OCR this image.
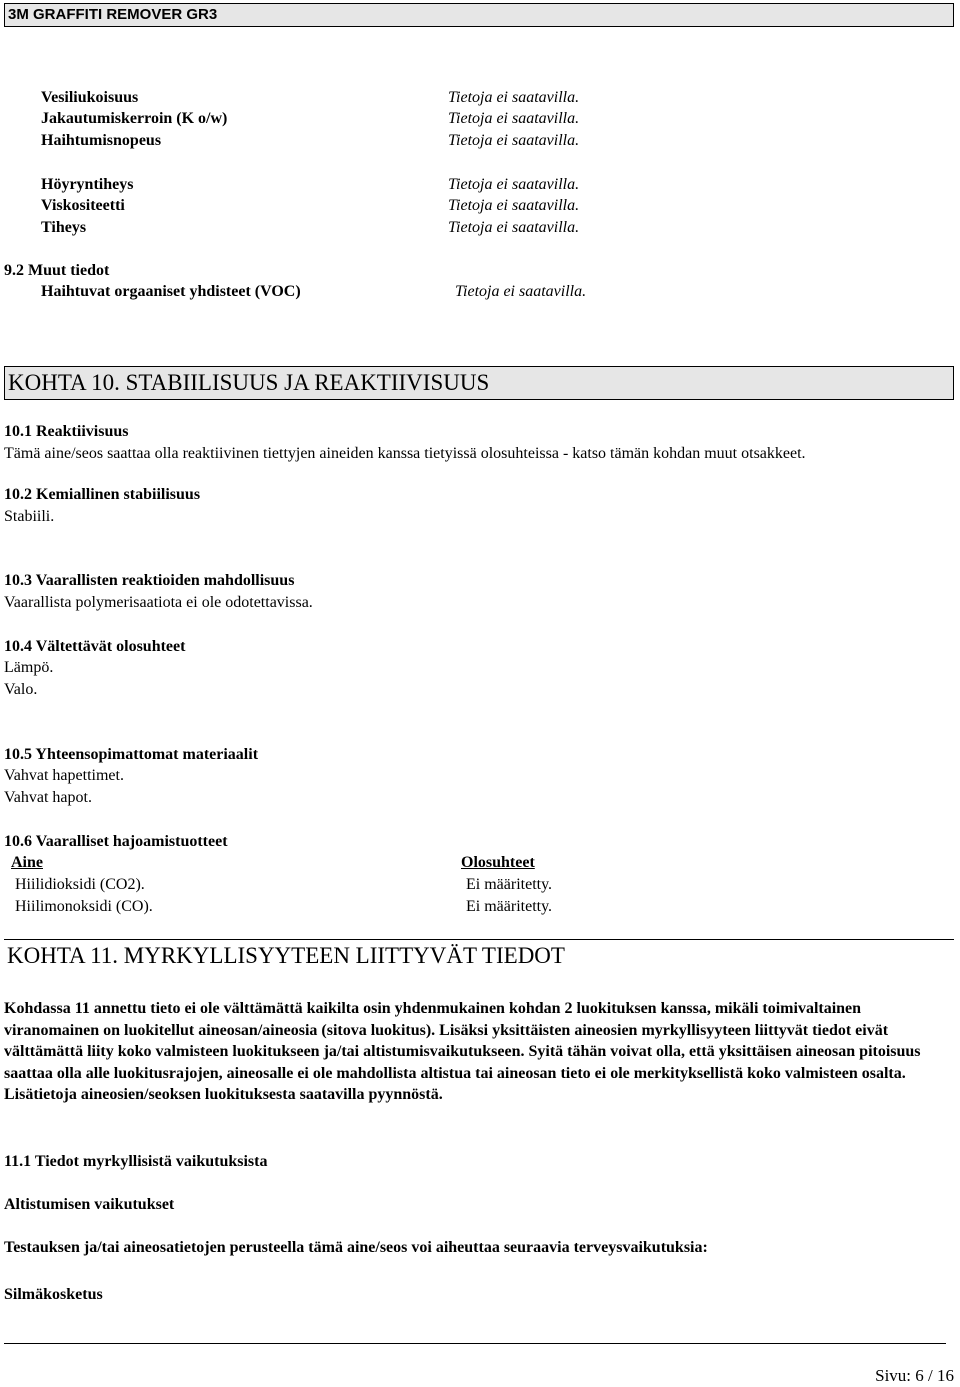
3M GRAFFITI REMOVER GR3
Vesiliukoisuus	Tietoja ei saatavilla.
Jakautumiskerroin (K o/w)	Tietoja ei saatavilla.
Haihtumisnopeus	Tietoja ei saatavilla.
Höyryntiheys	Tietoja ei saatavilla.
Viskositeetti	Tietoja ei saatavilla.
Tiheys	Tietoja ei saatavilla.
9.2 Muut tiedot
Haihtuvat orgaaniset yhdisteet (VOC)	Tietoja ei saatavilla.
KOHTA 10. STABIILISUUS JA REAKTIIVISUUS
10.1 Reaktiivisuus
Tämä aine/seos saattaa olla reaktiivinen tiettyjen aineiden kanssa tietyissä olosuhteissa - katso tämän kohdan muut otsakkeet.
10.2 Kemiallinen stabiilisuus
Stabiili.
10.3 Vaarallisten reaktioiden mahdollisuus
Vaarallista polymerisaatiota ei ole odotettavissa.
10.4 Vältettävät olosuhteet
Lämpö.
Valo.
10.5 Yhteensopimattomat materiaalit
Vahvat hapettimet.
Vahvat hapot.
10.6 Vaaralliset hajoamistuotteet
Aine	Olosuhteet
Hiilidioksidi (CO2).	Ei määritetty.
Hiilimonoksidi (CO).	Ei määritetty.
KOHTA 11. MYRKYLLISYYTEEN LIITTYVÄT TIEDOT
Kohdassa 11 annettu tieto ei ole välttämättä kaikilta osin yhdenmukainen kohdan 2 luokituksen kanssa, mikäli toimivaltainen viranomainen on luokitellut aineosan/aineosia (sitova luokitus). Lisäksi yksittäisten aineosien myrkyllisyyteen liittyvät tiedot eivät välttämättä liity koko valmisteen luokitukseen ja/tai altistumisvaikutukseen. Syitä tähän voivat olla, että yksittäisen aineosan pitoisuus saattaa olla alle luokitusrajojen, aineosalle ei ole mahdollista altistua tai aineosan tieto ei ole merkityksellistä koko valmisteen osalta. Lisätietoja aineosien/seoksen luokituksesta saatavilla pyynnöstä.
11.1 Tiedot myrkyllisistä vaikutuksista
Altistumisen vaikutukset
Testauksen ja/tai aineosatietojen perusteella tämä aine/seos voi aiheuttaa seuraavia terveysvaikutuksia:
Silmäkosketus
Sivu: 6 / 16
